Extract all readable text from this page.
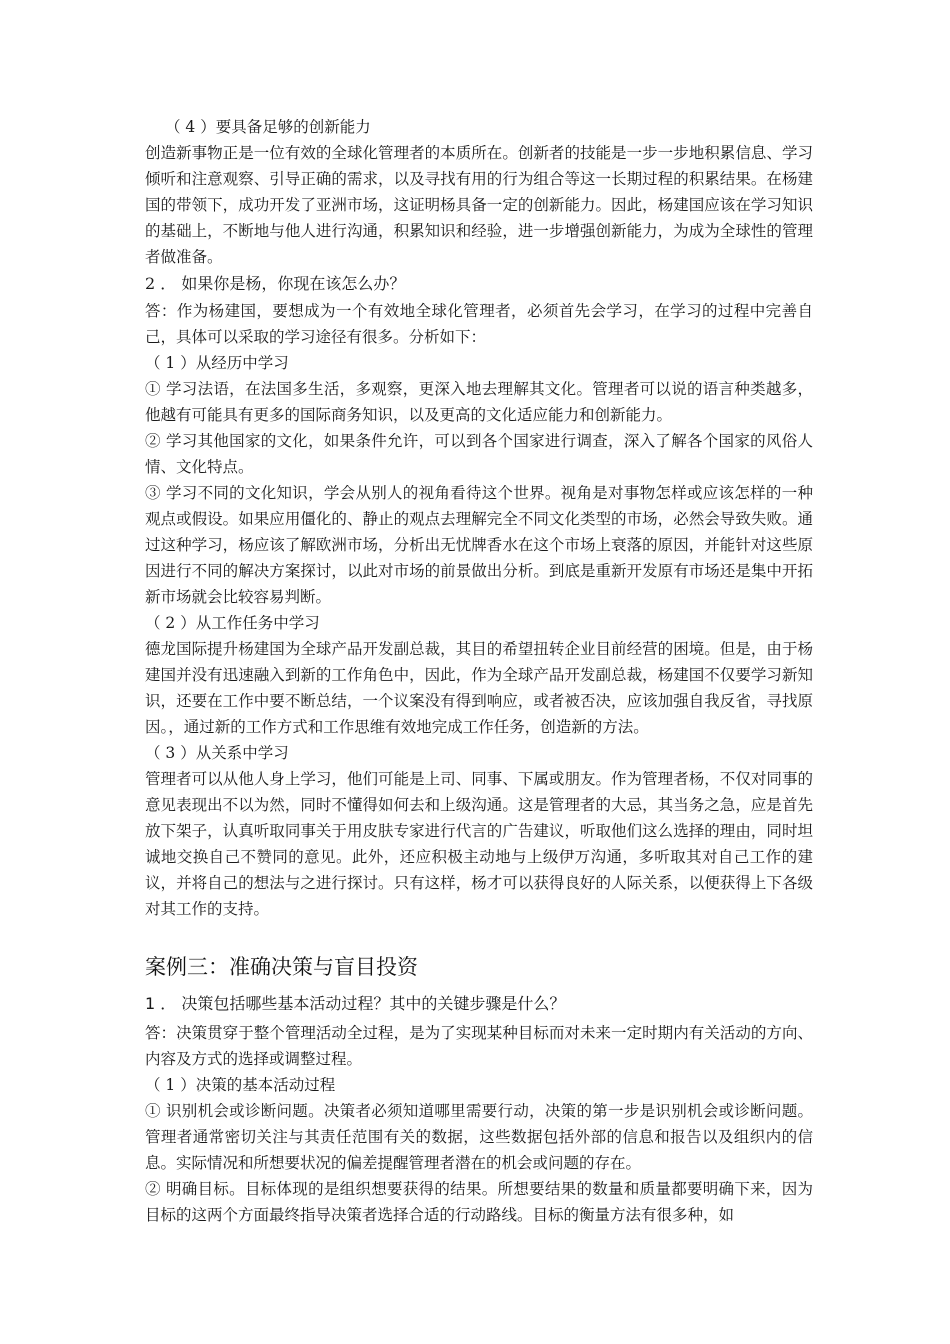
（ 4 ）要具备足够的创新能力

创造新事物正是一位有效的全球化管理者的本质所在。创新者的技能是一步一步地积累信息、学习倾听和注意观察、引导正确的需求，以及寻找有用的行为组合等这一长期过程的积累结果。在杨建国的带领下，成功开发了亚洲市场，这证明杨具备一定的创新能力。因此，杨建国应该在学习知识的基础上，不断地与他人进行沟通，积累知识和经验，进一步增强创新能力，为成为全球性的管理者做准备。

2 ． 如果你是杨，你现在该怎么办？

答：作为杨建国，要想成为一个有效地全球化管理者，必须首先会学习，在学习的过程中完善自己，具体可以采取的学习途径有很多。分析如下：

（ 1 ）从经历中学习

① 学习法语，在法国多生活，多观察，更深入地去理解其文化。管理者可以说的语言种类越多，他越有可能具有更多的国际商务知识，以及更高的文化适应能力和创新能力。

② 学习其他国家的文化，如果条件允许，可以到各个国家进行调查，深入了解各个国家的风俗人情、文化特点。

③ 学习不同的文化知识，学会从别人的视角看待这个世界。视角是对事物怎样或应该怎样的一种观点或假设。如果应用僵化的、静止的观点去理解完全不同文化类型的市场，必然会导致失败。通过这种学习，杨应该了解欧洲市场，分析出无忧牌香水在这个市场上衰落的原因，并能针对这些原因进行不同的解决方案探讨，以此对市场的前景做出分析。到底是重新开发原有市场还是集中开拓新市场就会比较容易判断。

（ 2 ）从工作任务中学习

德龙国际提升杨建国为全球产品开发副总裁，其目的希望扭转企业目前经营的困境。但是，由于杨建国并没有迅速融入到新的工作角色中，因此，作为全球产品开发副总裁，杨建国不仅要学习新知识，还要在工作中要不断总结，一个议案没有得到响应，或者被否决，应该加强自我反省，寻找原因。，通过新的工作方式和工作思维有效地完成工作任务，创造新的方法。

（ 3 ）从关系中学习

管理者可以从他人身上学习，他们可能是上司、同事、下属或朋友。作为管理者杨，不仅对同事的意见表现出不以为然，同时不懂得如何去和上级沟通。这是管理者的大忌，其当务之急，应是首先放下架子，认真听取同事关于用皮肤专家进行代言的广告建议，听取他们这么选择的理由，同时坦诚地交换自己不赞同的意见。此外，还应积极主动地与上级伊万沟通，多听取其对自己工作的建议，并将自己的想法与之进行探讨。只有这样，杨才可以获得良好的人际关系，以便获得上下各级对其工作的支持。

案例三：准确决策与盲目投资

1 ． 决策包括哪些基本活动过程？其中的关键步骤是什么？

答：决策贯穿于整个管理活动全过程，是为了实现某种目标而对未来一定时期内有关活动的方向、内容及方式的选择或调整过程。

（ 1 ）决策的基本活动过程

① 识别机会或诊断问题。决策者必须知道哪里需要行动，决策的第一步是识别机会或诊断问题。管理者通常密切关注与其责任范围有关的数据，这些数据包括外部的信息和报告以及组织内的信息。实际情况和所想要状况的偏差提醒管理者潜在的机会或问题的存在。

② 明确目标。目标体现的是组织想要获得的结果。所想要结果的数量和质量都要明确下来，因为目标的这两个方面最终指导决策者选择合适的行动路线。目标的衡量方法有很多种，如
